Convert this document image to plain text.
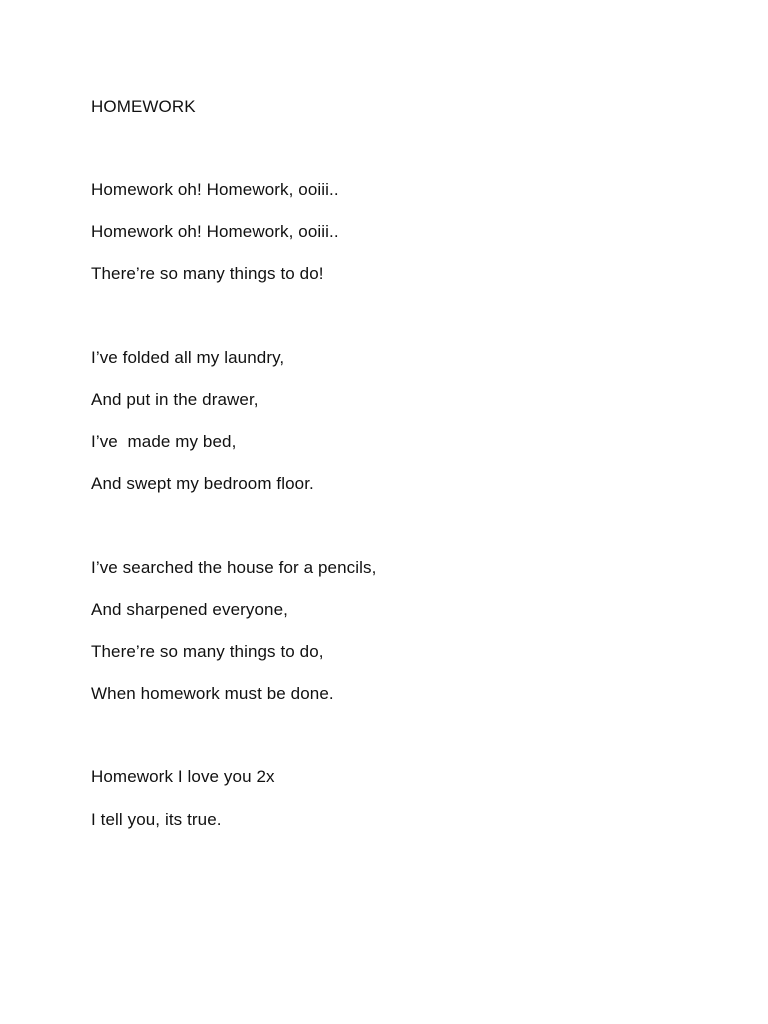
HOMEWORK
Homework oh! Homework, ooiii..
Homework oh! Homework, ooiii..
There’re so many things to do!
I’ve folded all my laundry,
And put in the drawer,
I’ve  made my bed,
And swept my bedroom floor.
I’ve searched the house for a pencils,
And sharpened everyone,
There’re so many things to do,
When homework must be done.
Homework I love you 2x
I tell you, its true.
